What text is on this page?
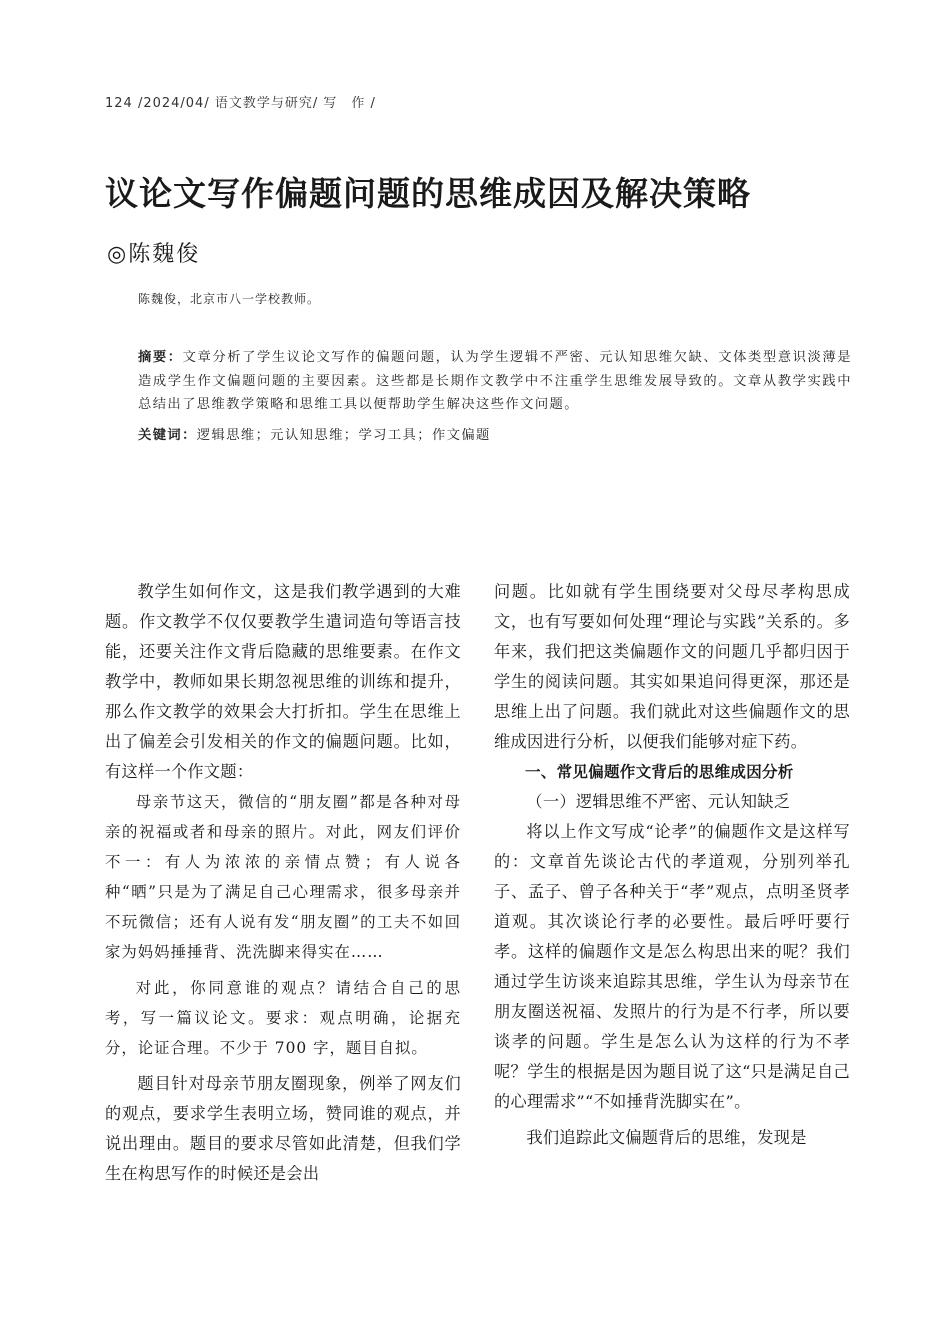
124 /2024/04/ 语文教学与研究/ 写　作 /
议论文写作偏题问题的思维成因及解决策略
◎陈魏俊
陈魏俊，北京市八一学校教师。
摘要：文章分析了学生议论文写作的偏题问题，认为学生逻辑不严密、元认知思维欠缺、文体类型意识淡薄是造成学生作文偏题问题的主要因素。这些都是长期作文教学中不注重学生思维发展导致的。文章从教学实践中总结出了思维教学策略和思维工具以便帮助学生解决这些作文问题。
关键词：逻辑思维；元认知思维；学习工具；作文偏题

教学生如何作文，这是我们教学遇到的大难题。作文教学不仅仅要教学生遣词造句等语言技能，还要关注作文背后隐藏的思维要素。在作文教学中，教师如果长期忽视思维的训练和提升，那么作文教学的效果会大打折扣。学生在思维上出了偏差会引发相关的作文的偏题问题。比如，有这样一个作文题：

母亲节这天，微信的“朋友圈”都是各种对母亲的祝福或者和母亲的照片。对此，网友们评价不一：有人为浓浓的亲情点赞；有人说各种“晒”只是为了满足自己心理需求，很多母亲并不玩微信；还有人说有发“朋友圈”的工夫不如回家为妈妈捶捶背、洗洗脚来得实在……

对此，你同意谁的观点？请结合自己的思考，写一篇议论文。要求：观点明确，论据充分，论证合理。不少于 700 字，题目自拟。

题目针对母亲节朋友圈现象，例举了网友们的观点，要求学生表明立场，赞同谁的观点，并说出理由。题目的要求尽管如此清楚，但我们学生在构思写作的时候还是会出

问题。比如就有学生围绕要对父母尽孝构思成文，也有写要如何处理“理论与实践”关系的。多年来，我们把这类偏题作文的问题几乎都归因于学生的阅读问题。其实如果追问得更深，那还是思维上出了问题。我们就此对这些偏题作文的思维成因进行分析，以便我们能够对症下药。

一、常见偏题作文背后的思维成因分析

（一）逻辑思维不严密、元认知缺乏

将以上作文写成“论孝”的偏题作文是这样写的：文章首先谈论古代的孝道观，分别列举孔子、孟子、曾子各种关于“孝”观点，点明圣贤孝道观。其次谈论行孝的必要性。最后呼吁要行孝。这样的偏题作文是怎么构思出来的呢？我们通过学生访谈来追踪其思维，学生认为母亲节在朋友圈送祝福、发照片的行为是不行孝，所以要谈孝的问题。学生是怎么认为这样的行为不孝呢？学生的根据是因为题目说了这“只是满足自己的心理需求”“不如捶背洗脚实在”。

我们追踪此文偏题背后的思维，发现是
